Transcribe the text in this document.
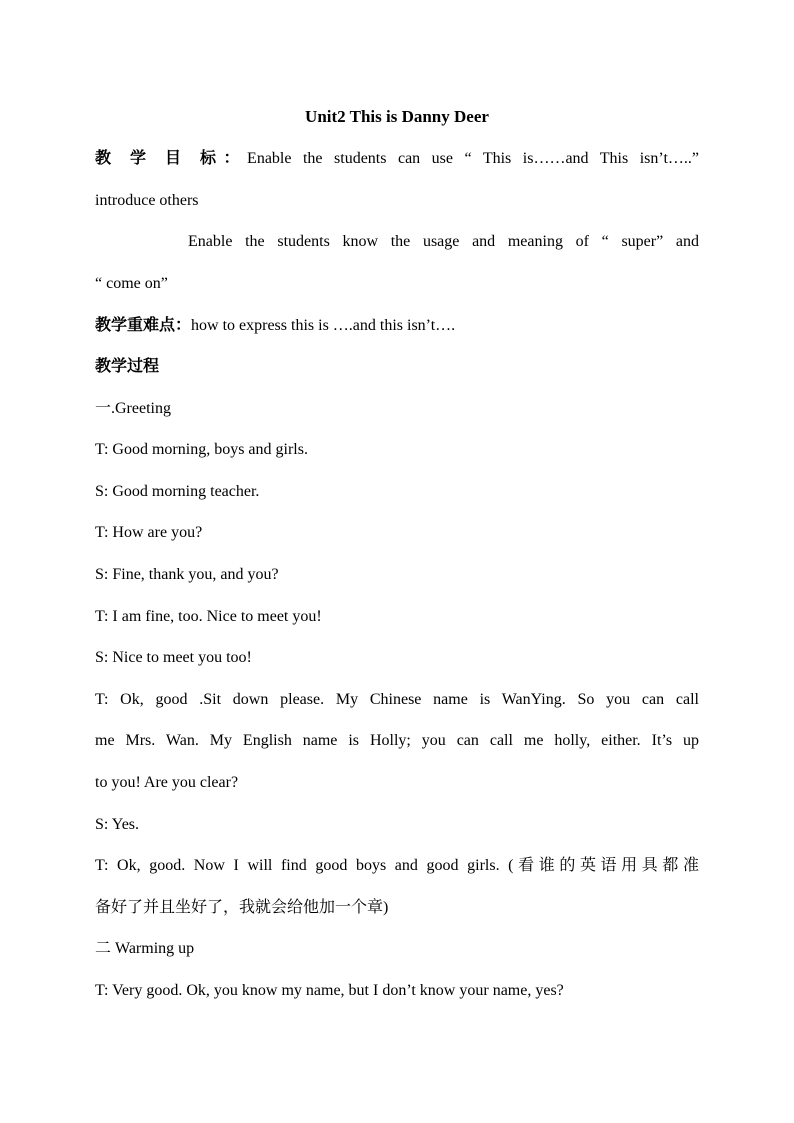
Unit2 This is Danny Deer
教 学 目 标：Enable the students can use “ This is……and This isn’t…..”
introduce others
Enable the students know the usage and meaning of “ super” and
“ come on”
教学重难点：how to express this is ….and this isn’t….
教学过程
一.Greeting
T: Good morning, boys and girls.
S: Good morning teacher.
T: How are you?
S: Fine, thank you, and you?
T: I am fine, too. Nice to meet you!
S: Nice to meet you too!
T: Ok, good .Sit down please. My Chinese name is WanYing. So you can call
me Mrs. Wan. My English name is Holly; you can call me holly, either. It’s up
to you! Are you clear?
S: Yes.
T: Ok, good. Now I will find good boys and good girls. (看谁的英语用具都准
备好了并且坐好了，我就会给他加一个章)
二 Warming up
T: Very good. Ok, you know my name, but I don’t know your name, yes?
